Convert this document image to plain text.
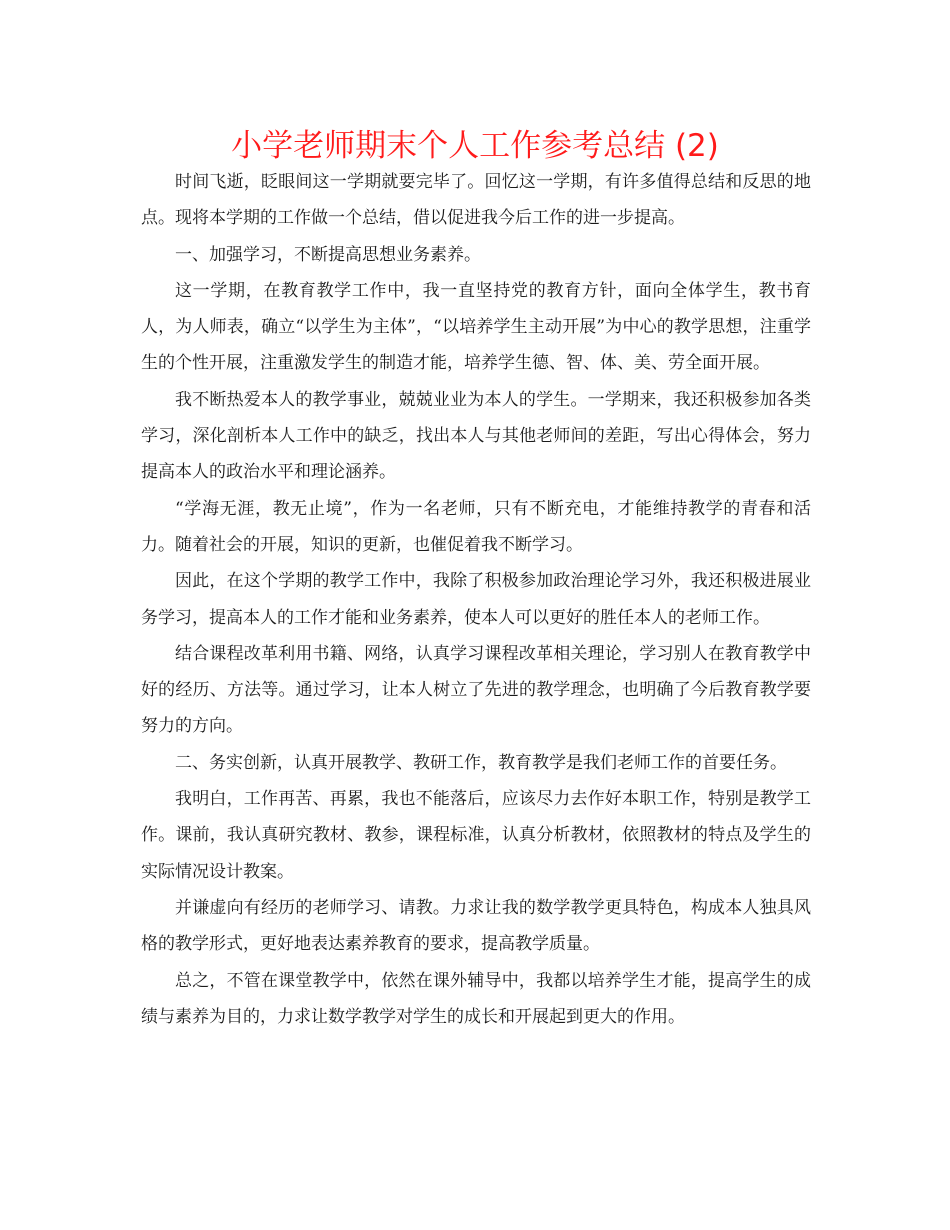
小学老师期末个人工作参考总结 (2)

时间飞逝，眨眼间这一学期就要完毕了。回忆这一学期，有许多值得总结和反思的地点。现将本学期的工作做一个总结，借以促进我今后工作的进一步提高。

一、加强学习，不断提高思想业务素养。

这一学期，在教育教学工作中，我一直坚持党的教育方针，面向全体学生，教书育人，为人师表，确立“以学生为主体”，“以培养学生主动开展”为中心的教学思想，注重学生的个性开展，注重激发学生的制造才能，培养学生德、智、体、美、劳全面开展。

我不断热爱本人的教学事业，兢兢业业为本人的学生。一学期来，我还积极参加各类学习，深化剖析本人工作中的缺乏，找出本人与其他老师间的差距，写出心得体会，努力提高本人的政治水平和理论涵养。

“学海无涯，教无止境”，作为一名老师，只有不断充电，才能维持教学的青春和活力。随着社会的开展，知识的更新，也催促着我不断学习。

因此，在这个学期的教学工作中，我除了积极参加政治理论学习外，我还积极进展业务学习，提高本人的工作才能和业务素养，使本人可以更好的胜任本人的老师工作。

结合课程改革利用书籍、网络，认真学习课程改革相关理论，学习别人在教育教学中好的经历、方法等。通过学习，让本人树立了先进的教学理念，也明确了今后教育教学要努力的方向。

二、务实创新，认真开展教学、教研工作，教育教学是我们老师工作的首要任务。

我明白，工作再苦、再累，我也不能落后，应该尽力去作好本职工作，特别是教学工作。课前，我认真研究教材、教参，课程标准，认真分析教材，依照教材的特点及学生的实际情况设计教案。

并谦虚向有经历的老师学习、请教。力求让我的数学教学更具特色，构成本人独具风格的教学形式，更好地表达素养教育的要求，提高教学质量。

总之，不管在课堂教学中，依然在课外辅导中，我都以培养学生才能，提高学生的成绩与素养为目的，力求让数学教学对学生的成长和开展起到更大的作用。
